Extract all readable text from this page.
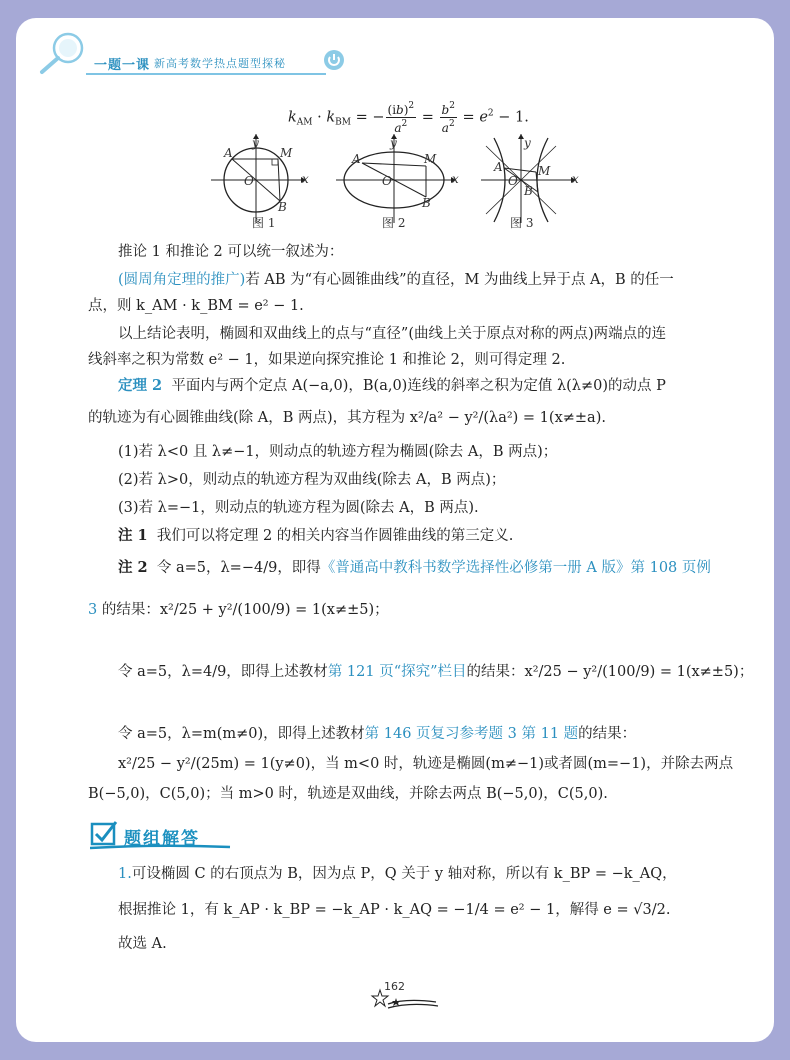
一题一课 新高考数学热点题型探秘
$k_{AM} \cdot k_{BM}$ = − $\frac{(ib)^2}{a^2} = \frac{b^2}{a^2} = e^2 - 1$.
y
A	M
O	x
B
y
A	M
O	x
B
y
A	M
O	x
B
图 1	图 2	图 3
推论 1 和推论 2 可以统一叙述为：
(圆周角定理的推广)若 AB 为“有心圆锥曲线”的直径，M 为曲线上异于点 A，B 的任一
点，则 k_AM · k_BM = e² − 1.
以上结论表明，椭圆和双曲线上的点与“直径”(曲线上关于原点对称的两点)两端点的连
线斜率之积为常数 e² − 1，如果逆向探究推论 1 和推论 2，则可得定理 2.
定理 2 平面内与两个定点 A(−a,0)，B(a,0)连线的斜率之积为定值 λ(λ≠0)的动点 P
的轨迹为有心圆锥曲线(除 A，B 两点)，其方程为 x²/a² − y²/(λa²) = 1(x≠±a).
(1)若 λ<0 且 λ≠−1，则动点的轨迹方程为椭圆(除去 A，B 两点)；
(2)若 λ>0，则动点的轨迹方程为双曲线(除去 A，B 两点)；
(3)若 λ=−1，则动点的轨迹方程为圆(除去 A，B 两点).
注 1 我们可以将定理 2 的相关内容当作圆锥曲线的第三定义.
注 2 令 a=5，λ=−4/9，即得《普通高中教科书数学选择性必修第一册 A 版》第 108 页例
3 的结果：x²/25 + y²/(100/9) = 1(x≠±5)；
令 a=5，λ=4/9，即得上述教材第 121 页“探究”栏目的结果：x²/25 − y²/(100/9) = 1(x≠±5)；
令 a=5，λ=m(m≠0)，即得上述教材第 146 页复习参考题 3 第 11 题的结果：
x²/25 − y²/(25m) = 1(y≠0)，当 m<0 时，轨迹是椭圆(m≠−1)或者圆(m=−1)，并除去两点
B(−5,0)，C(5,0)；当 m>0 时，轨迹是双曲线，并除去两点 B(−5,0)，C(5,0).
题组解答
1.可设椭圆 C 的右顶点为 B，因为点 P，Q 关于 y 轴对称，所以有 k_BP = −k_AQ，
根据推论 1，有 k_AP · k_BP = −k_AP · k_AQ = −1/4 = e² − 1，解得 e = √3/2.
故选 A.
162
